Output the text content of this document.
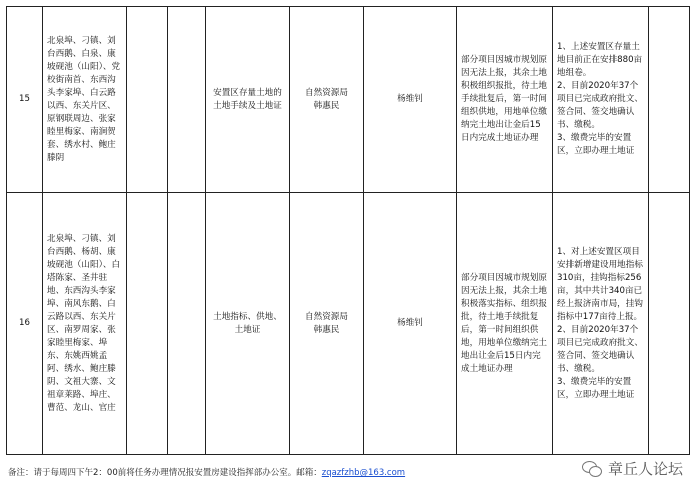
15	北泉埠、刁镇、刘台西鹅、白泉、康坡砚池（山阳）、党校街南首、东西沟头李家埠、白云路以西、东关片区、原钢联周边、张家睦里梅家、南涧贺套、绣水村、鲍庄滕阴			安置区存量土地的土地手续及土地证	自然资源局
韩惠民	杨维钊	部分项目因城市规划原因无法上报，其余土地积极组织报批，待土地手续批复后，第一时间组织供地，用地单位缴纳完土地出让金后15日内完成土地证办理	1、上述安置区存量土地目前正在安排880亩地组卷。
2、目前2020年37个项目已完成政府批文、签合同、签交地确认书、缴税。
3、缴费完毕的安置区，立即办理土地证	
16	北泉埠、刁镇、刘台西鹅、杨胡、康坡砚池（山阳）、白塔陈家、圣井驻地、东西沟头李家埠、南风东鹅、白云路以西、东关片区、南罗周家、张家睦里梅家、埠东、东姚西姚孟阿、绣水、鲍庄滕阴、文祖大寨、文祖章莱路、埠庄、曹范、龙山、官庄			土地指标、供地、土地证	自然资源局
韩惠民	杨维钊	部分项目因城市规划原因无法上报，其余土地积极落实指标、组织报批，待土地手续批复后，第一时间组织供地，用地单位缴纳完土地出让金后15日内完成土地证办理	1、对上述安置区项目安排新增建设用地指标310亩，挂钩指标256亩，其中共计340亩已经上报济南市局，挂钩指标中177亩待上报。
2、目前2020年37个项目已完成政府批文、签合同、签交地确认书、缴税。
3、缴费完毕的安置区，立即办理土地证	
备注：请于每周四下午2：00前将任务办理情况报安置房建设指挥部办公室。邮箱：zqazfzhb@163.com	章丘人论坛
